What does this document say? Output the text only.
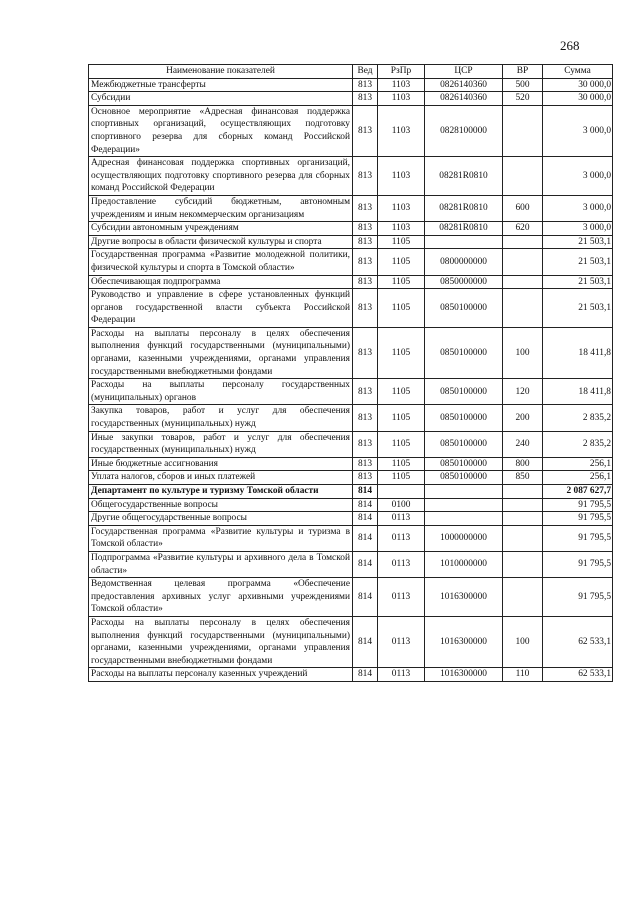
268
Наименование показателей	Вед	РзПр	ЦСР	ВР	Сумма
Межбюджетные трансферты	813	1103	0826140360	500	30 000,0
Субсидии	813	1103	0826140360	520	30 000,0
Основное мероприятие «Адресная финансовая поддержка спортивных организаций, осуществляющих подготовку спортивного резерва для сборных команд Российской Федерации»	813	1103	0828100000		3 000,0
Адресная финансовая поддержка спортивных организаций, осуществляющих подготовку спортивного резерва для сборных команд Российской Федерации	813	1103	08281R0810		3 000,0
Предоставление субсидий бюджетным, автономным учреждениям и иным некоммерческим организациям	813	1103	08281R0810	600	3 000,0
Субсидии автономным учреждениям	813	1103	08281R0810	620	3 000,0
Другие вопросы в области физической культуры и спорта	813	1105			21 503,1
Государственная программа «Развитие молодежной политики, физической культуры и спорта в Томской области»	813	1105	0800000000		21 503,1
Обеспечивающая подпрограмма	813	1105	0850000000		21 503,1
Руководство и управление в сфере установленных функций органов государственной власти субъекта Российской Федерации	813	1105	0850100000		21 503,1
Расходы на выплаты персоналу в целях обеспечения выполнения функций государственными (муниципальными) органами, казенными учреждениями, органами управления государственными внебюджетными фондами	813	1105	0850100000	100	18 411,8
Расходы на выплаты персоналу государственных (муниципальных) органов	813	1105	0850100000	120	18 411,8
Закупка товаров, работ и услуг для обеспечения государственных (муниципальных) нужд	813	1105	0850100000	200	2 835,2
Иные закупки товаров, работ и услуг для обеспечения государственных (муниципальных) нужд	813	1105	0850100000	240	2 835,2
Иные бюджетные ассигнования	813	1105	0850100000	800	256,1
Уплата налогов, сборов и иных платежей	813	1105	0850100000	850	256,1
Департамент по культуре и туризму Томской области	814				2 087 627,7
Общегосударственные вопросы	814	0100			91 795,5
Другие общегосударственные вопросы	814	0113			91 795,5
Государственная программа «Развитие культуры и туризма в Томской области»	814	0113	1000000000		91 795,5
Подпрограмма «Развитие культуры и архивного дела в Томской области»	814	0113	1010000000		91 795,5
Ведомственная целевая программа «Обеспечение предоставления архивных услуг архивными учреждениями Томской области»	814	0113	1016300000		91 795,5
Расходы на выплаты персоналу в целях обеспечения выполнения функций государственными (муниципальными) органами, казенными учреждениями, органами управления государственными внебюджетными фондами	814	0113	1016300000	100	62 533,1
Расходы на выплаты персоналу казенных учреждений	814	0113	1016300000	110	62 533,1
